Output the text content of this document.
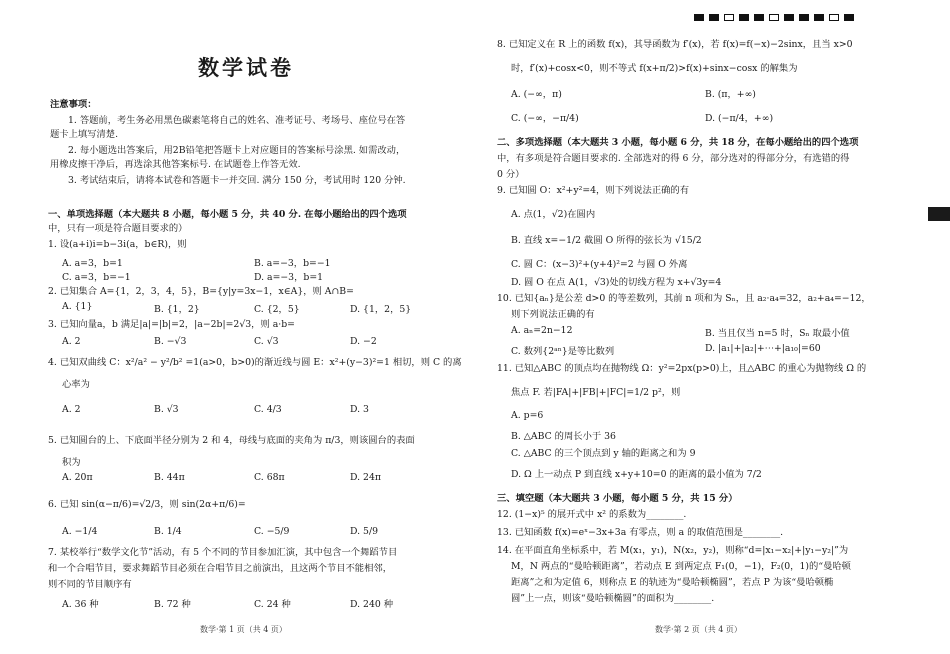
数学试卷
注意事项：
1. 答题前，考生务必用黑色碳素笔将自己的姓名、准考证号、考场号、座位号在答
题卡上填写清楚.
2. 每小题选出答案后，用2B铅笔把答题卡上对应题目的答案标号涂黑. 如需改动，
用橡皮擦干净后，再选涂其他答案标号. 在试题卷上作答无效.
3. 考试结束后，请将本试卷和答题卡一并交回. 满分 150 分，考试用时 120 分钟.
一、单项选择题（本大题共 8 小题，每小题 5 分，共 40 分. 在每小题给出的四个选项
中，只有一项是符合题目要求的）
1. 设(a+i)i=b−3i(a，b∈R)，则
A. a=3，b=1	B. a=−3，b=−1
C. a=3，b=−1	D. a=−3，b=1
2. 已知集合 A={1，2，3，4，5}，B={y|y=3x−1，x∈A}，则 A∩B=
A. {1}	B. {1，2}	C. {2，5}	D. {1，2，5}
3. 已知向量a，b 满足|a|=|b|=2，|a−2b|=2√3，则 a·b=
A. 2	B. −√3	C. √3	D. −2
4. 已知双曲线 C：x²/a² − y²/b² =1(a>0，b>0)的渐近线与圆 E：x²+(y−3)²=1 相切，则 C 的离
心率为
A. 2	B. √3	C. 4/3	D. 3
5. 已知圆台的上、下底面半径分别为 2 和 4，母线与底面的夹角为 π/3，则该圆台的表面
积为
A. 20π	B. 44π	C. 68π	D. 24π
6. 已知 sin(α−π/6)=√2/3，则 sin(2α+π/6)=
A. −1/4	B. 1/4	C. −5/9	D. 5/9
7. 某校举行“数学文化节”活动，有 5 个不同的节目参加汇演，其中包含一个舞蹈节目
和一个合唱节目，要求舞蹈节目必须在合唱节目之前演出，且这两个节目不能相邻，
则不同的节目顺序有
A. 36 种	B. 72 种	C. 24 种	D. 240 种
数学·第 1 页（共 4 页）
8. 已知定义在 R 上的函数 f(x)，其导函数为 f′(x)，若 f(x)=f(−x)−2sinx，且当 x>0
时，f′(x)+cosx<0，则不等式 f(x+π/2)>f(x)+sinx−cosx 的解集为
A. (−∞，π)	B. (π，+∞)
C. (−∞，−π/4)	D. (−π/4，+∞)
二、多项选择题（本大题共 3 小题，每小题 6 分，共 18 分，在每小题给出的四个选项
中，有多项是符合题目要求的. 全部选对的得 6 分，部分选对的得部分分，有选错的得
0 分）
9. 已知圆 O：x²+y²=4，则下列说法正确的有
A. 点(1，√2)在圆内
B. 直线 x=−1/2 截圆 O 所得的弦长为 √15/2
C. 圆 C：(x−3)²+(y+4)²=2 与圆 O 外离
D. 圆 O 在点 A(1，√3)处的切线方程为 x+√3y=4
10. 已知{aₙ}是公差 d>0 的等差数列，其前 n 项和为 Sₙ，且 a₂·a₄=32，a₂+a₄=−12，
则下列说法正确的有
A. aₙ=2n−12	B. 当且仅当 n=5 时，Sₙ 取最小值
C. 数列{2ᵃⁿ}是等比数列	D. |a₁|+|a₂|+⋯+|a₁₀|=60
11. 已知△ABC 的顶点均在抛物线 Ω：y²=2px(p>0)上，且△ABC 的重心为抛物线 Ω 的
焦点 F. 若|FA|+|FB|+|FC|=1/2 p²，则
A. p=6
B. △ABC 的周长小于 36
C. △ABC 的三个顶点到 y 轴的距离之和为 9
D. Ω 上一动点 P 到直线 x+y+10=0 的距离的最小值为 7/2
三、填空题（本大题共 3 小题，每小题 5 分，共 15 分）
12. (1−x)⁵ 的展开式中 x² 的系数为________.
13. 已知函数 f(x)=eˣ−3x+3a 有零点，则 a 的取值范围是________.
14. 在平面直角坐标系中，若 M(x₁，y₁)，N(x₂，y₂)，则称“d=|x₁−x₂|+|y₁−y₂|”为
M，N 两点的“曼哈顿距离”，若动点 E 到两定点 F₁(0，−1)，F₂(0，1)的“曼哈顿
距离”之和为定值 6，则称点 E 的轨迹为“曼哈顿椭圆”，若点 P 为该“曼哈顿椭
圆”上一点，则该“曼哈顿椭圆”的面积为________.
数学·第 2 页（共 4 页）
